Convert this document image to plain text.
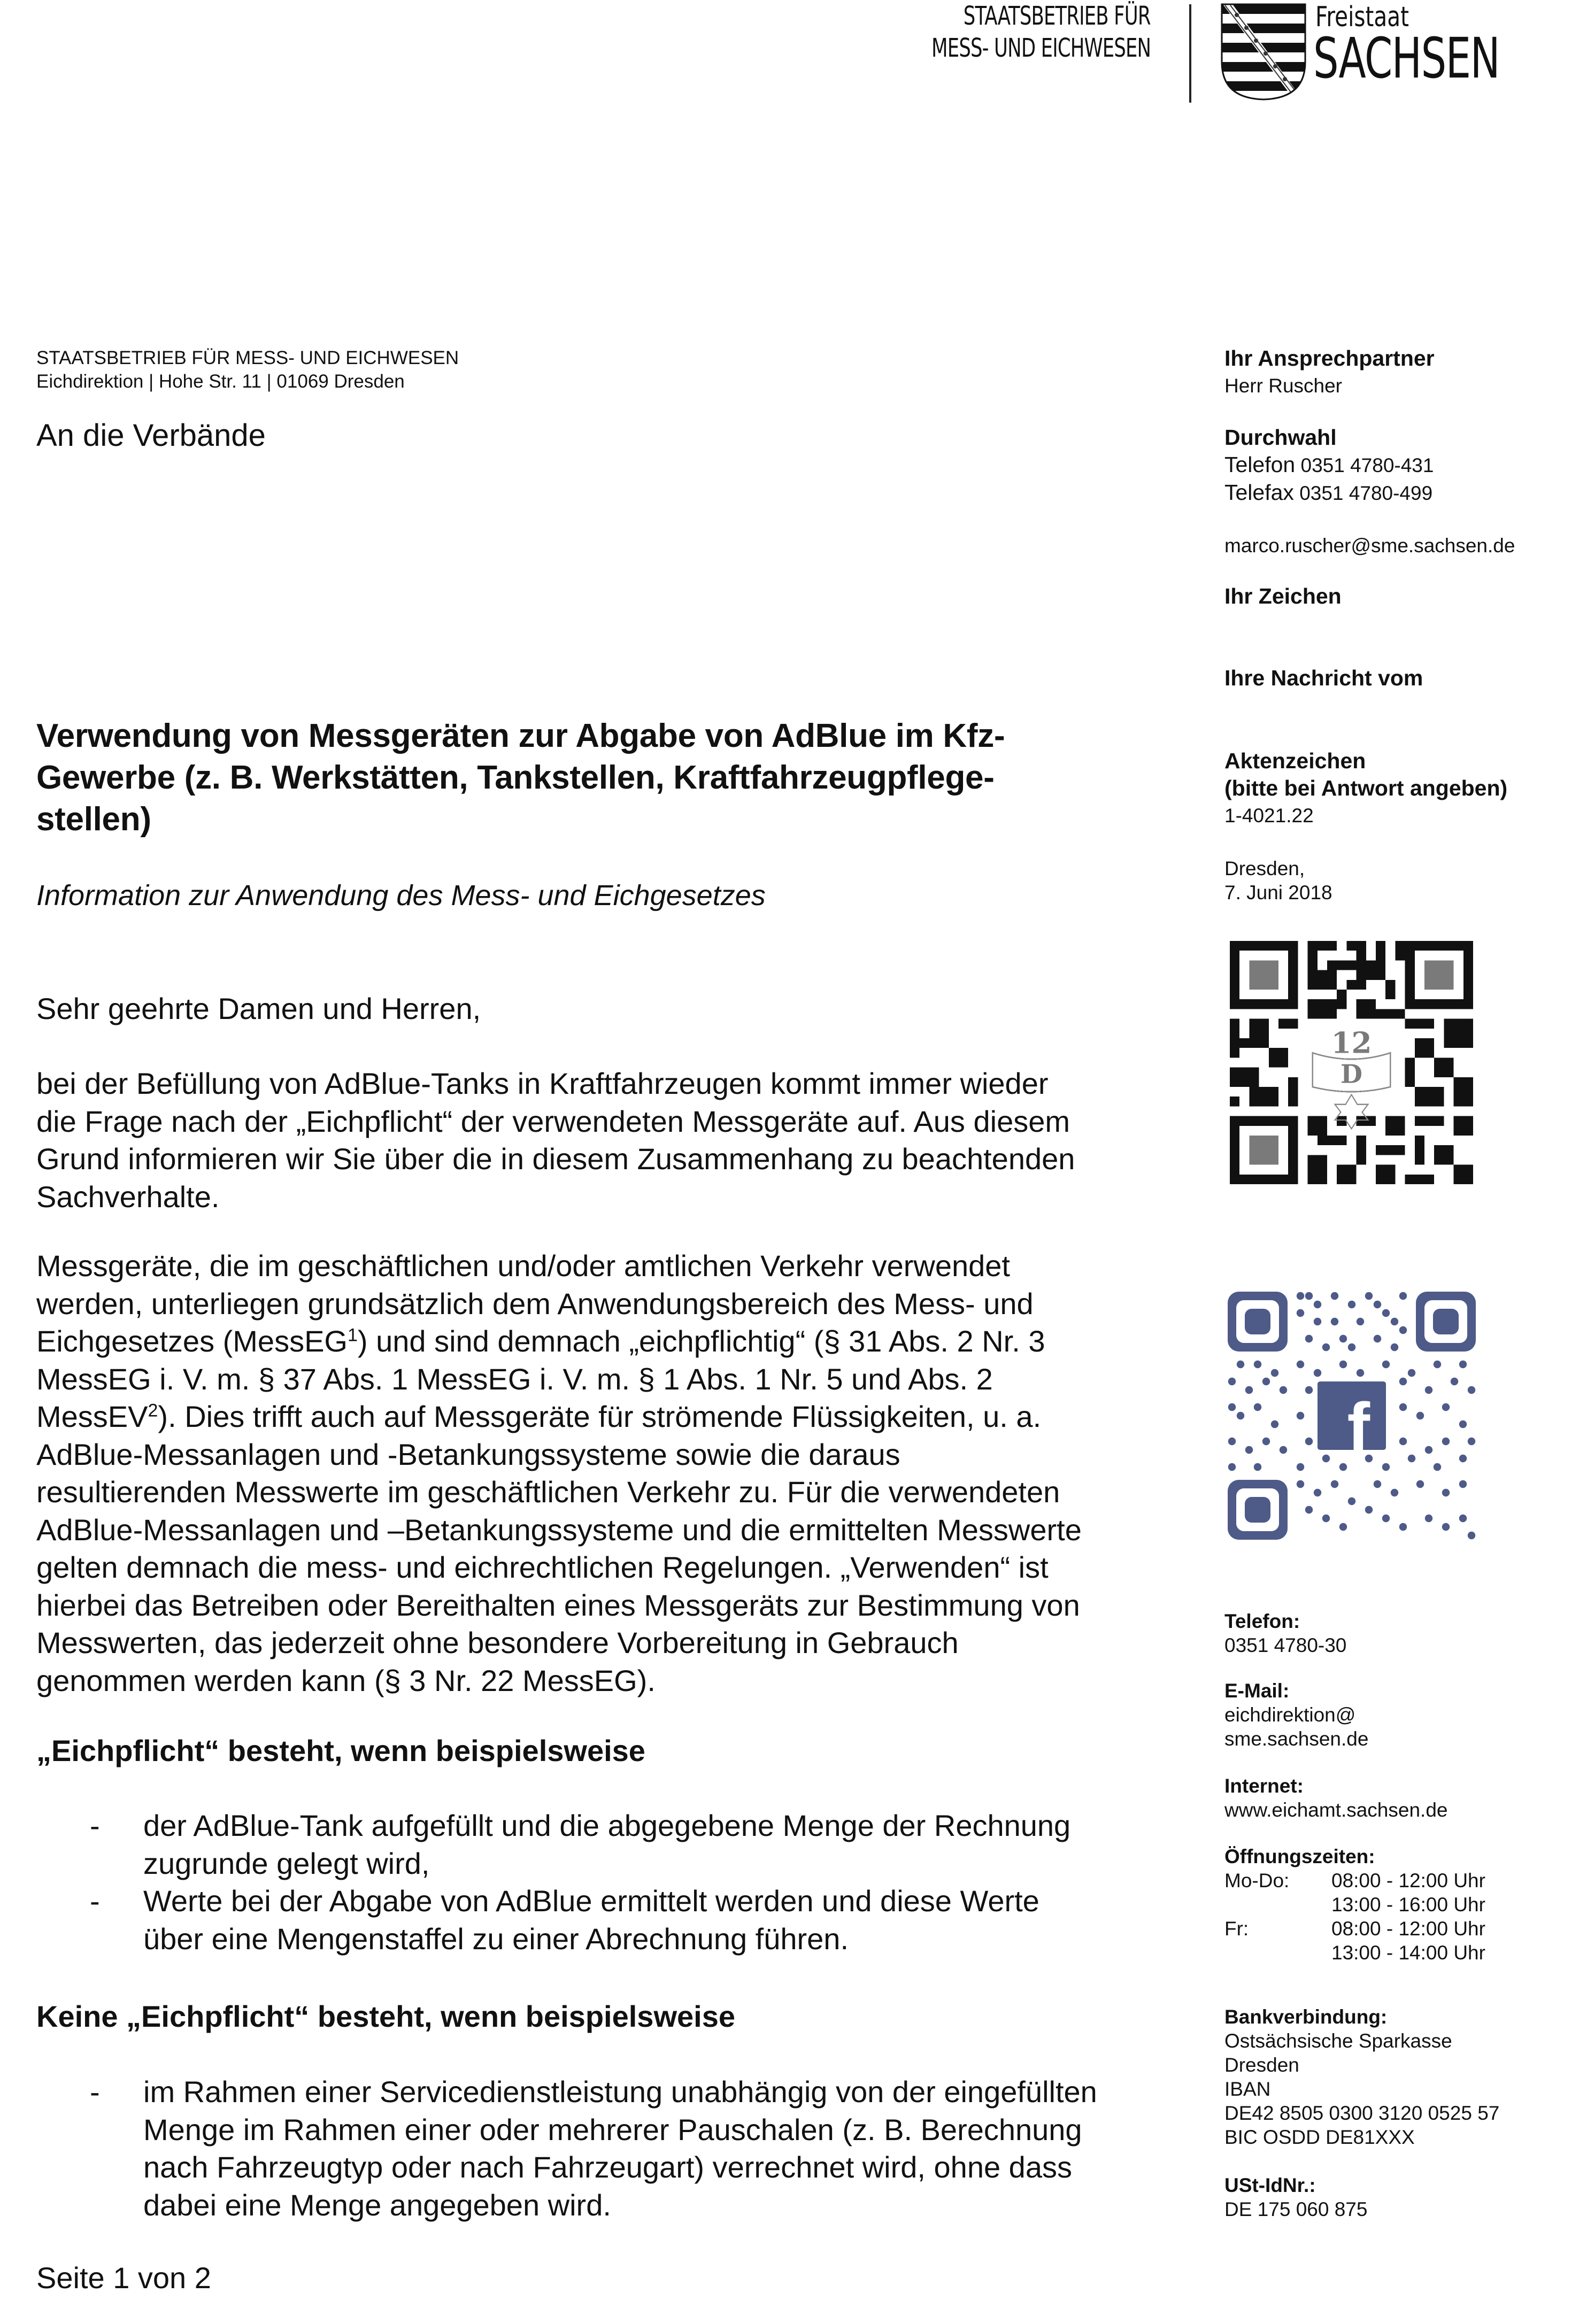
STAATSBETRIEB FÜR
MESS- UND EICHWESEN
Freistaat
SACHSEN
STAATSBETRIEB FÜR MESS- UND EICHWESEN
Eichdirektion | Hohe Str. 11 | 01069 Dresden
An die Verbände
Ihr Ansprechpartner
Herr Ruscher
Durchwahl
Telefon 0351 4780-431
Telefax 0351 4780-499
marco.ruscher@sme.sachsen.de
Ihr Zeichen
Ihre Nachricht vom
Aktenzeichen
(bitte bei Antwort angeben)
1-4021.22
Dresden,
7. Juni 2018
12
D
f
Telefon:
0351 4780-30
E-Mail:
eichdirektion@
sme.sachsen.de
Internet:
www.eichamt.sachsen.de
Öffnungszeiten:
Mo-Do:	08:00 - 12:00 Uhr
13:00 - 16:00 Uhr
Fr:	08:00 - 12:00 Uhr
13:00 - 14:00 Uhr
Bankverbindung:
Ostsächsische Sparkasse
Dresden
IBAN
DE42 8505 0300 3120 0525 57
BIC OSDD DE81XXX
USt-IdNr.:
DE 175 060 875
Verwendung von Messgeräten zur Abgabe von AdBlue im Kfz-
Gewerbe (z. B. Werkstätten, Tankstellen, Kraftfahrzeugpflege-
stellen)
Information zur Anwendung des Mess- und Eichgesetzes
Sehr geehrte Damen und Herren,
bei der Befüllung von AdBlue-Tanks in Kraftfahrzeugen kommt immer wieder
die Frage nach der „Eichpflicht“ der verwendeten Messgeräte auf. Aus diesem
Grund informieren wir Sie über die in diesem Zusammenhang zu beachtenden
Sachverhalte.
Messgeräte, die im geschäftlichen und/oder amtlichen Verkehr verwendet
werden, unterliegen grundsätzlich dem Anwendungsbereich des Mess- und
Eichgesetzes (MessEG$^1$) und sind demnach „eichpflichtig“ (§ 31 Abs. 2 Nr. 3
MessEG i. V. m. § 37 Abs. 1 MessEG i. V. m. § 1 Abs. 1 Nr. 5 und Abs. 2
MessEV$^2$). Dies trifft auch auf Messgeräte für strömende Flüssigkeiten, u. a.
AdBlue-Messanlagen und -Betankungssysteme sowie die daraus
resultierenden Messwerte im geschäftlichen Verkehr zu. Für die verwendeten
AdBlue-Messanlagen und –Betankungssysteme und die ermittelten Messwerte
gelten demnach die mess- und eichrechtlichen Regelungen. „Verwenden“ ist
hierbei das Betreiben oder Bereithalten eines Messgeräts zur Bestimmung von
Messwerten, das jederzeit ohne besondere Vorbereitung in Gebrauch
genommen werden kann (§ 3 Nr. 22 MessEG).
„Eichpflicht“ besteht, wenn beispielsweise
- der AdBlue-Tank aufgefüllt und die abgegebene Menge der Rechnung
zugrunde gelegt wird,
- Werte bei der Abgabe von AdBlue ermittelt werden und diese Werte
über eine Mengenstaffel zu einer Abrechnung führen.
Keine „Eichpflicht“ besteht, wenn beispielsweise
- im Rahmen einer Servicedienstleistung unabhängig von der eingefüllten
Menge im Rahmen einer oder mehrerer Pauschalen (z. B. Berechnung
nach Fahrzeugtyp oder nach Fahrzeugart) verrechnet wird, ohne dass
dabei eine Menge angegeben wird.
Seite 1 von 2
